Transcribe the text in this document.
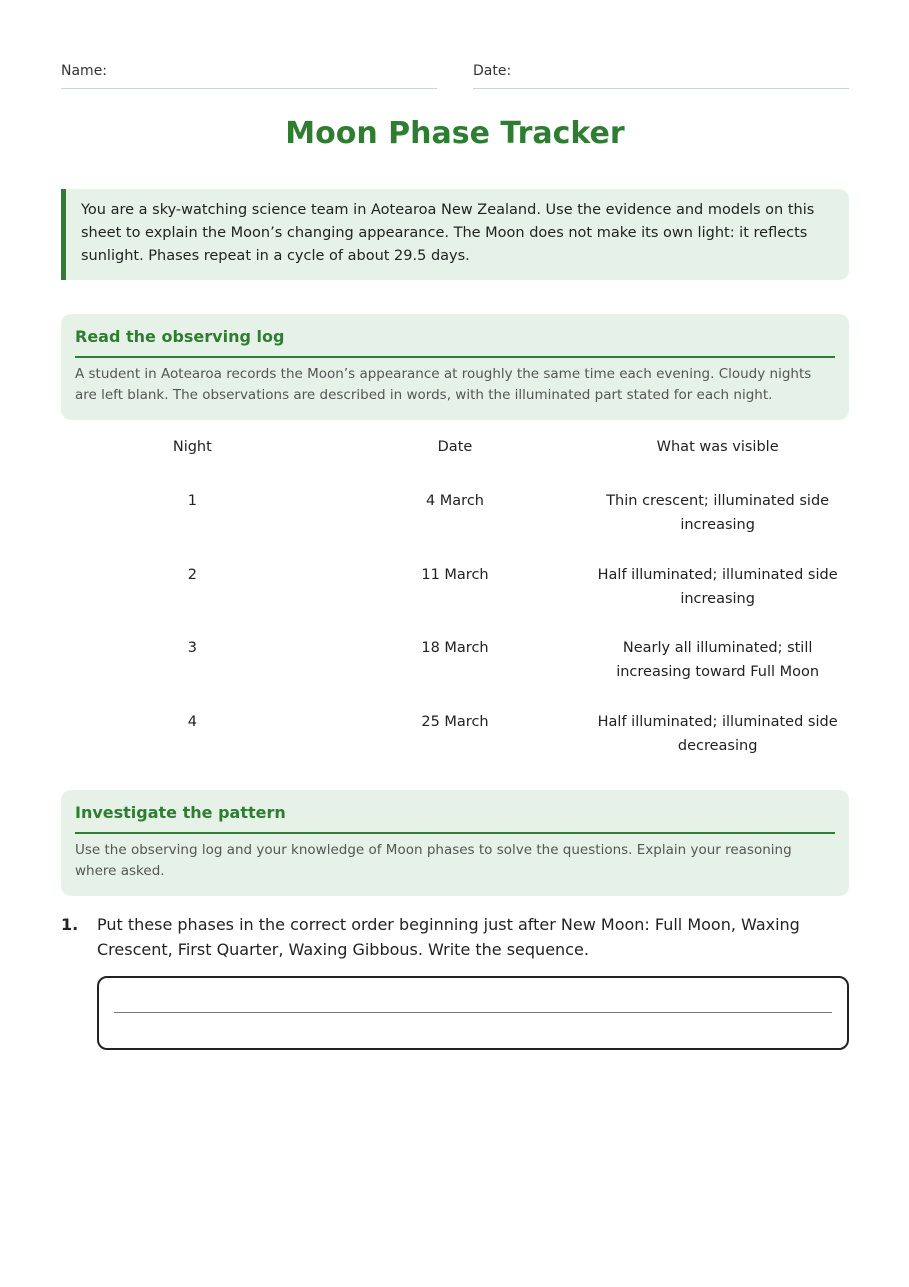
Name:	Date:
Moon Phase Tracker
You are a sky-watching science team in Aotearoa New Zealand. Use the evidence and models on this sheet to explain the Moon’s changing appearance. The Moon does not make its own light: it reflects sunlight. Phases repeat in a cycle of about 29.5 days.
Read the observing log
A student in Aotearoa records the Moon’s appearance at roughly the same time each evening. Cloudy nights are left blank. The observations are described in words, with the illuminated part stated for each night.
Night	Date	What was visible
1	4 March	Thin crescent; illuminated side increasing
2	11 March	Half illuminated; illuminated side increasing
3	18 March	Nearly all illuminated; still increasing toward Full Moon
4	25 March	Half illuminated; illuminated side decreasing
Investigate the pattern
Use the observing log and your knowledge of Moon phases to solve the questions. Explain your reasoning where asked.
1. Put these phases in the correct order beginning just after New Moon: Full Moon, Waxing Crescent, First Quarter, Waxing Gibbous. Write the sequence.
